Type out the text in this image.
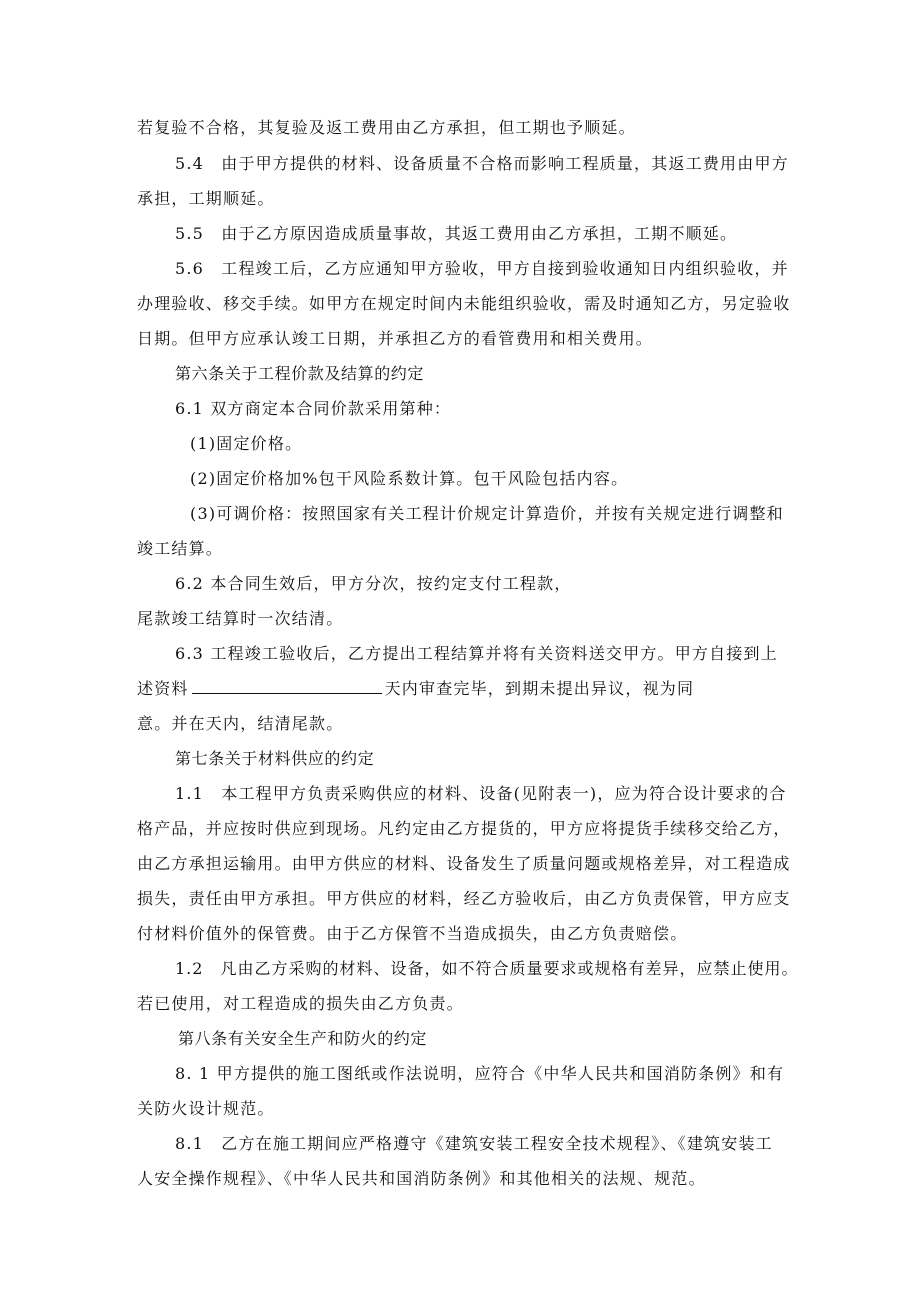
若复验不合格，其复验及返工费用由乙方承担，但工期也予顺延。
5.4　由于甲方提供的材料、设备质量不合格而影响工程质量，其返工费用由甲方
承担，工期顺延。
5.5　由于乙方原因造成质量事故，其返工费用由乙方承担，工期不顺延。
5.6　工程竣工后，乙方应通知甲方验收，甲方自接到验收通知日内组织验收，并
办理验收、移交手续。如甲方在规定时间内未能组织验收，需及时通知乙方，另定验收
日期。但甲方应承认竣工日期，并承担乙方的看管费用和相关费用。
第六条关于工程价款及结算的约定
6.1 双方商定本合同价款采用第种：
(1)固定价格。
(2)固定价格加%包干风险系数计算。包干风险包括内容。
(3)可调价格：按照国家有关工程计价规定计算造价，并按有关规定进行调整和
竣工结算。
6.2 本合同生效后，甲方分次，按约定支付工程款，
尾款竣工结算时一次结清。
6.3 工程竣工验收后，乙方提出工程结算并将有关资料送交甲方。甲方自接到上
述资料	天内审查完毕，到期未提出异议，视为同
意。并在天内，结清尾款。
第七条关于材料供应的约定
1.1　本工程甲方负责采购供应的材料、设备(见附表一)，应为符合设计要求的合
格产品，并应按时供应到现场。凡约定由乙方提货的，甲方应将提货手续移交给乙方，
由乙方承担运输用。由甲方供应的材料、设备发生了质量问题或规格差异，对工程造成
损失，责任由甲方承担。甲方供应的材料，经乙方验收后，由乙方负责保管，甲方应支
付材料价值外的保管费。由于乙方保管不当造成损失，由乙方负责赔偿。
1.2　凡由乙方采购的材料、设备，如不符合质量要求或规格有差异，应禁止使用。
若已使用，对工程造成的损失由乙方负责。
第八条有关安全生产和防火的约定
8. 1 甲方提供的施工图纸或作法说明，应符合《中华人民共和国消防条例》和有
关防火设计规范。
8.1　乙方在施工期间应严格遵守《建筑安装工程安全技术规程》、《建筑安装工
人安全操作规程》、《中华人民共和国消防条例》和其他相关的法规、规范。
